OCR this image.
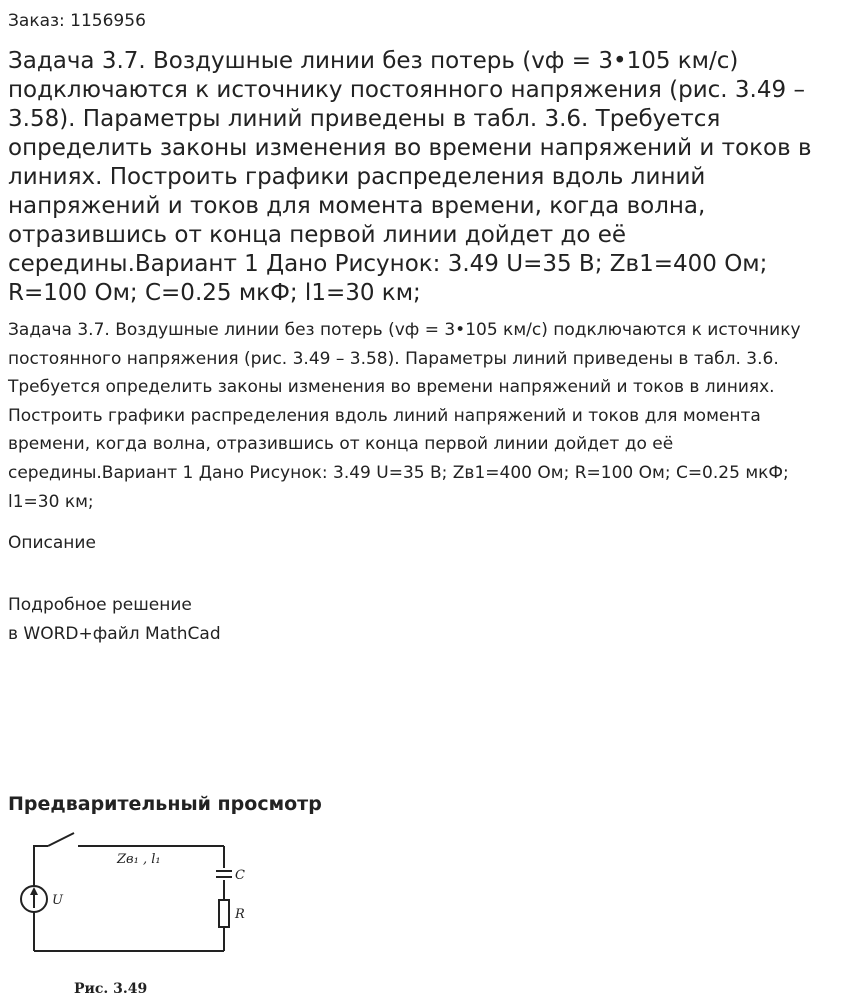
Заказ: 1156956

Задача 3.7. Воздушные линии без потерь (vф = 3•105 км/с) подключаются к источнику постоянного напряжения (рис. 3.49 – 3.58). Параметры линий приведены в табл. 3.6. Требуется определить законы изменения во времени напряжений и токов в линиях. Построить графики распределения вдоль линий напряжений и токов для момента времени, когда волна, отразившись от конца первой линии дойдет до её середины.Вариант 1 Дано Рисунок: 3.49 U=35 В; Zв1=400 Ом; R=100 Ом; C=0.25 мкФ; l1=30 км;

Задача 3.7. Воздушные линии без потерь (vф = 3•105 км/с) подключаются к источнику постоянного напряжения (рис. 3.49 – 3.58). Параметры линий приведены в табл. 3.6. Требуется определить законы изменения во времени напряжений и токов в линиях. Построить графики распределения вдоль линий напряжений и токов для момента времени, когда волна, отразившись от конца первой линии дойдет до её середины.Вариант 1 Дано Рисунок: 3.49 U=35 В; Zв1=400 Ом; R=100 Ом; C=0.25 мкФ; l1=30 км;

Описание

Подробное решение

в WORD+файл MathCad

Предварительный просмотр
Zв₁ , l₁
U
C
R
Рис. 3.49
